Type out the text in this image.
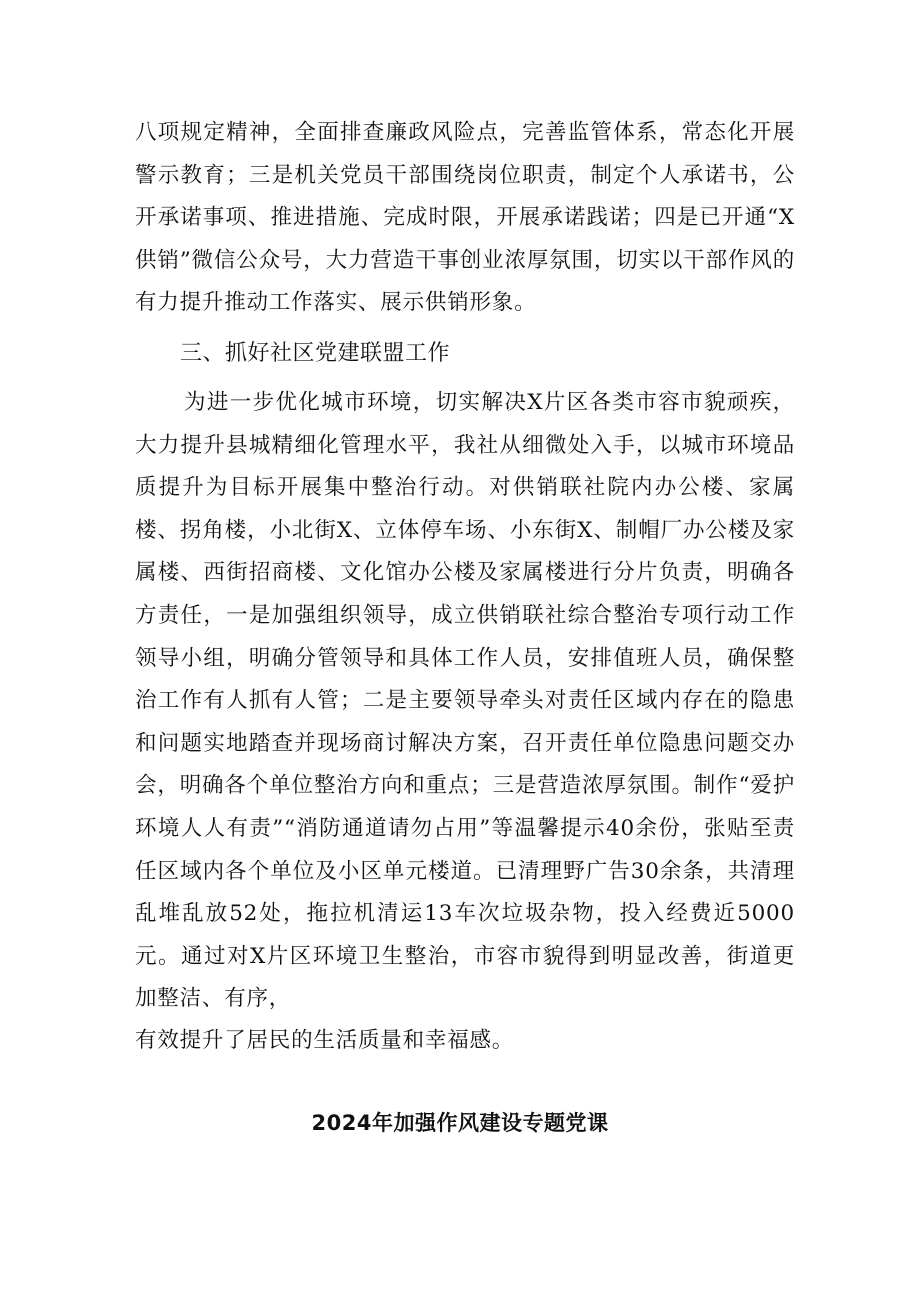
八项规定精神，全面排查廉政风险点，完善监管体系，常态化开展警示教育；三是机关党员干部围绕岗位职责，制定个人承诺书，公开承诺事项、推进措施、完成时限，开展承诺践诺；四是已开通“X供销”微信公众号，大力营造干事创业浓厚氛围，切实以干部作风的有力提升推动工作落实、展示供销形象。

三、抓好社区党建联盟工作

为进一步优化城市环境，切实解决X片区各类市容市貌顽疾，大力提升县城精细化管理水平，我社从细微处入手，以城市环境品质提升为目标开展集中整治行动。对供销联社院内办公楼、家属楼、拐角楼，小北街X、立体停车场、小东街X、制帽厂办公楼及家属楼、西街招商楼、文化馆办公楼及家属楼进行分片负责，明确各方责任，一是加强组织领导，成立供销联社综合整治专项行动工作领导小组，明确分管领导和具体工作人员，安排值班人员，确保整治工作有人抓有人管；二是主要领导牵头对责任区域内存在的隐患和问题实地踏查并现场商讨解决方案，召开责任单位隐患问题交办会，明确各个单位整治方向和重点；三是营造浓厚氛围。制作“爱护环境人人有责”“消防通道请勿占用”等温馨提示40余份，张贴至责任区域内各个单位及小区单元楼道。已清理野广告30余条，共清理乱堆乱放52处，拖拉机清运13车次垃圾杂物，投入经费近5000元。通过对X片区环境卫生整治，市容市貌得到明显改善，街道更加整洁、有序，

有效提升了居民的生活质量和幸福感。

2024年加强作风建设专题党课
